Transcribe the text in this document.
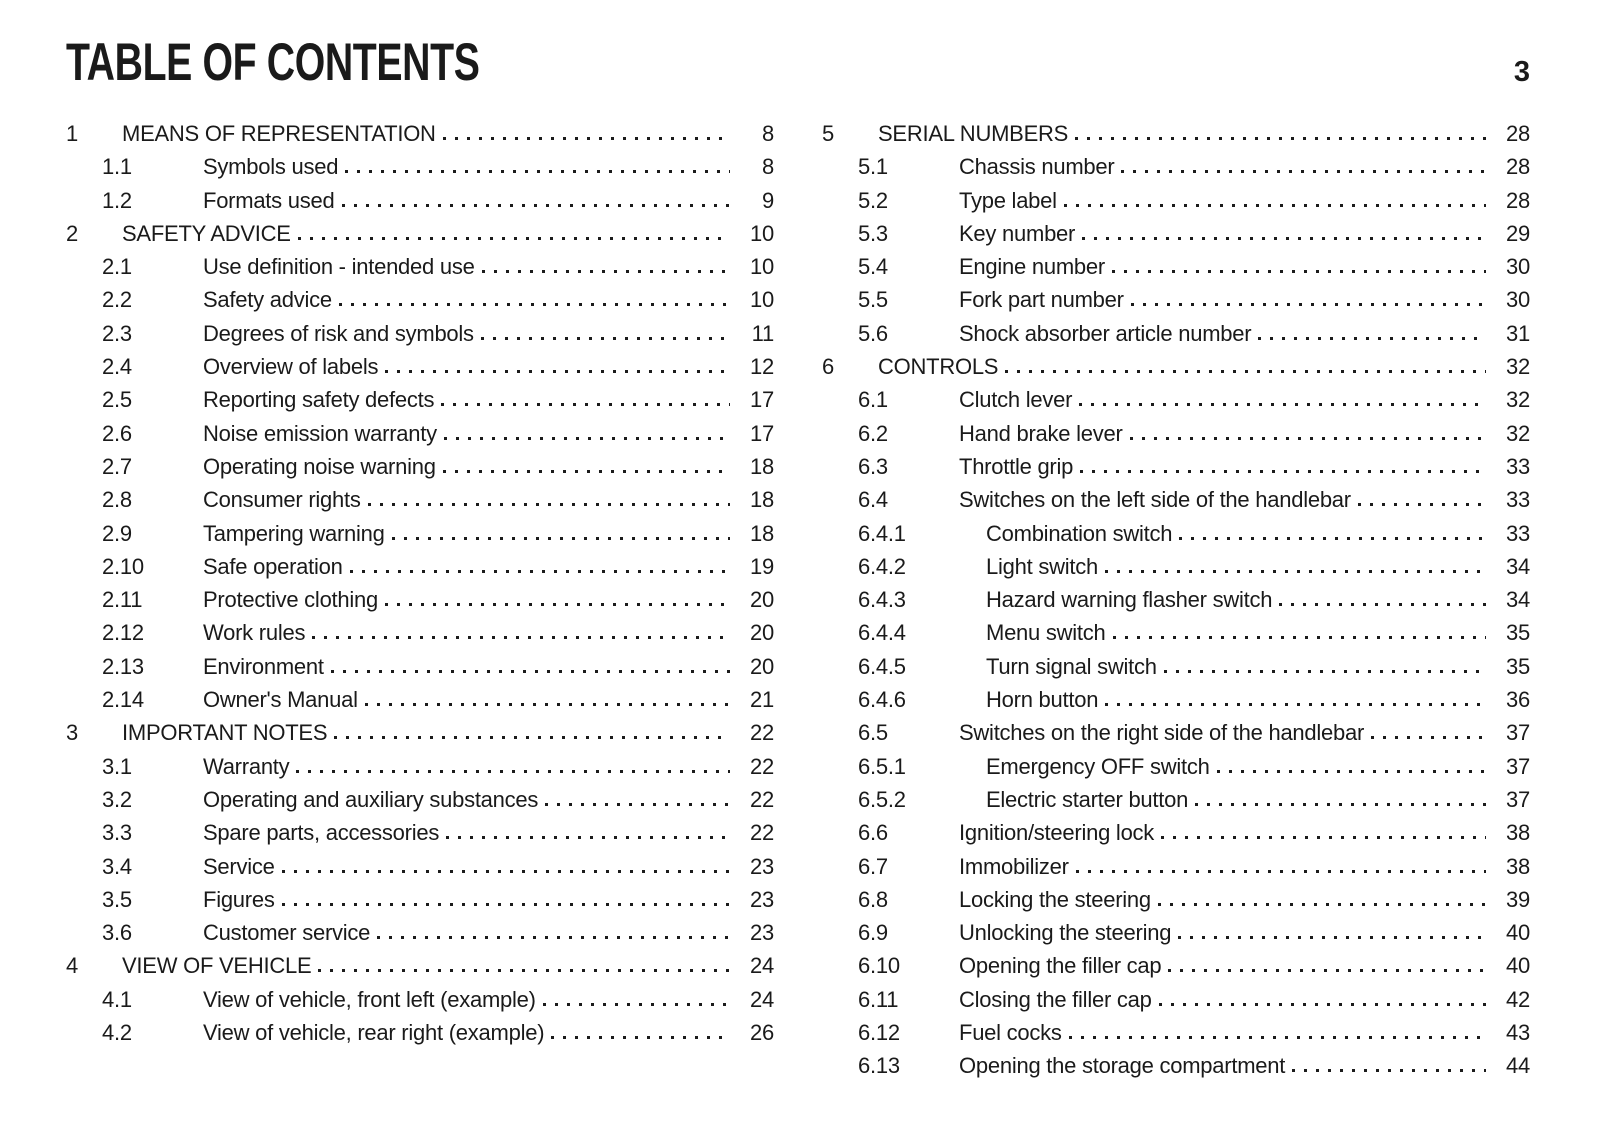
TABLE OF CONTENTS	3
1	MEANS OF REPRESENTATION	8
1.1	Symbols used	8
1.2	Formats used	9
2	SAFETY ADVICE	10
2.1	Use definition - intended use	10
2.2	Safety advice	10
2.3	Degrees of risk and symbols	11
2.4	Overview of labels	12
2.5	Reporting safety defects	17
2.6	Noise emission warranty	17
2.7	Operating noise warning	18
2.8	Consumer rights	18
2.9	Tampering warning	18
2.10	Safe operation	19
2.11	Protective clothing	20
2.12	Work rules	20
2.13	Environment	20
2.14	Owner's Manual	21
3	IMPORTANT NOTES	22
3.1	Warranty	22
3.2	Operating and auxiliary substances	22
3.3	Spare parts, accessories	22
3.4	Service	23
3.5	Figures	23
3.6	Customer service	23
4	VIEW OF VEHICLE	24
4.1	View of vehicle, front left (example)	24
4.2	View of vehicle, rear right (example)	26
5	SERIAL NUMBERS	28
5.1	Chassis number	28
5.2	Type label	28
5.3	Key number	29
5.4	Engine number	30
5.5	Fork part number	30
5.6	Shock absorber article number	31
6	CONTROLS	32
6.1	Clutch lever	32
6.2	Hand brake lever	32
6.3	Throttle grip	33
6.4	Switches on the left side of the handlebar	33
6.4.1	Combination switch	33
6.4.2	Light switch	34
6.4.3	Hazard warning flasher switch	34
6.4.4	Menu switch	35
6.4.5	Turn signal switch	35
6.4.6	Horn button	36
6.5	Switches on the right side of the handlebar	37
6.5.1	Emergency OFF switch	37
6.5.2	Electric starter button	37
6.6	Ignition/steering lock	38
6.7	Immobilizer	38
6.8	Locking the steering	39
6.9	Unlocking the steering	40
6.10	Opening the filler cap	40
6.11	Closing the filler cap	42
6.12	Fuel cocks	43
6.13	Opening the storage compartment	44
